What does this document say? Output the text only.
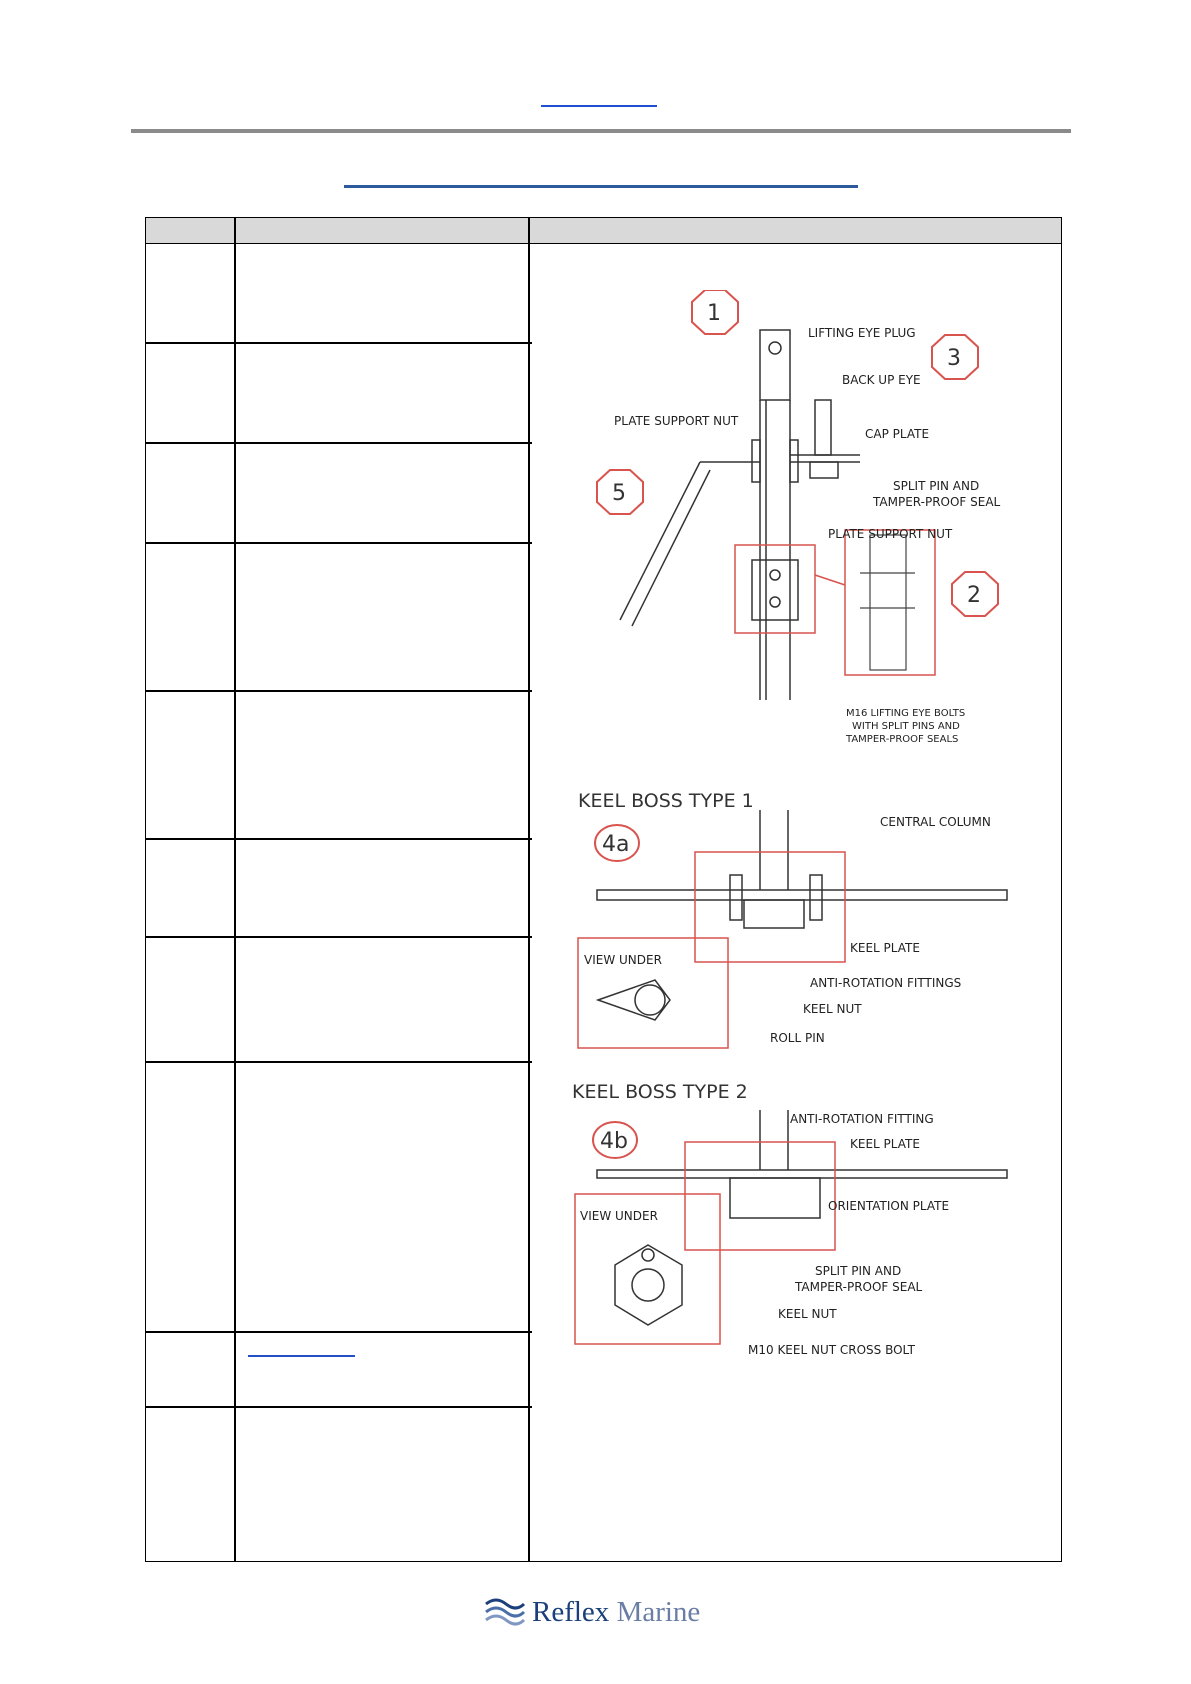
1
3
5
2
LIFTING EYE PLUG
BACK UP EYE
PLATE SUPPORT NUT
CAP PLATE
SPLIT PIN AND
TAMPER-PROOF SEAL
PLATE SUPPORT NUT
M16 LIFTING EYE BOLTS
WITH SPLIT PINS AND
TAMPER-PROOF SEALS
KEEL BOSS TYPE 1
4a
CENTRAL COLUMN
VIEW UNDER
KEEL PLATE
ANTI-ROTATION FITTINGS
KEEL NUT
ROLL PIN
KEEL BOSS TYPE 2
4b
ANTI-ROTATION FITTING
KEEL PLATE
VIEW UNDER
ORIENTATION PLATE
SPLIT PIN AND
TAMPER-PROOF SEAL
KEEL NUT
M10 KEEL NUT CROSS BOLT
Reflex Marine
